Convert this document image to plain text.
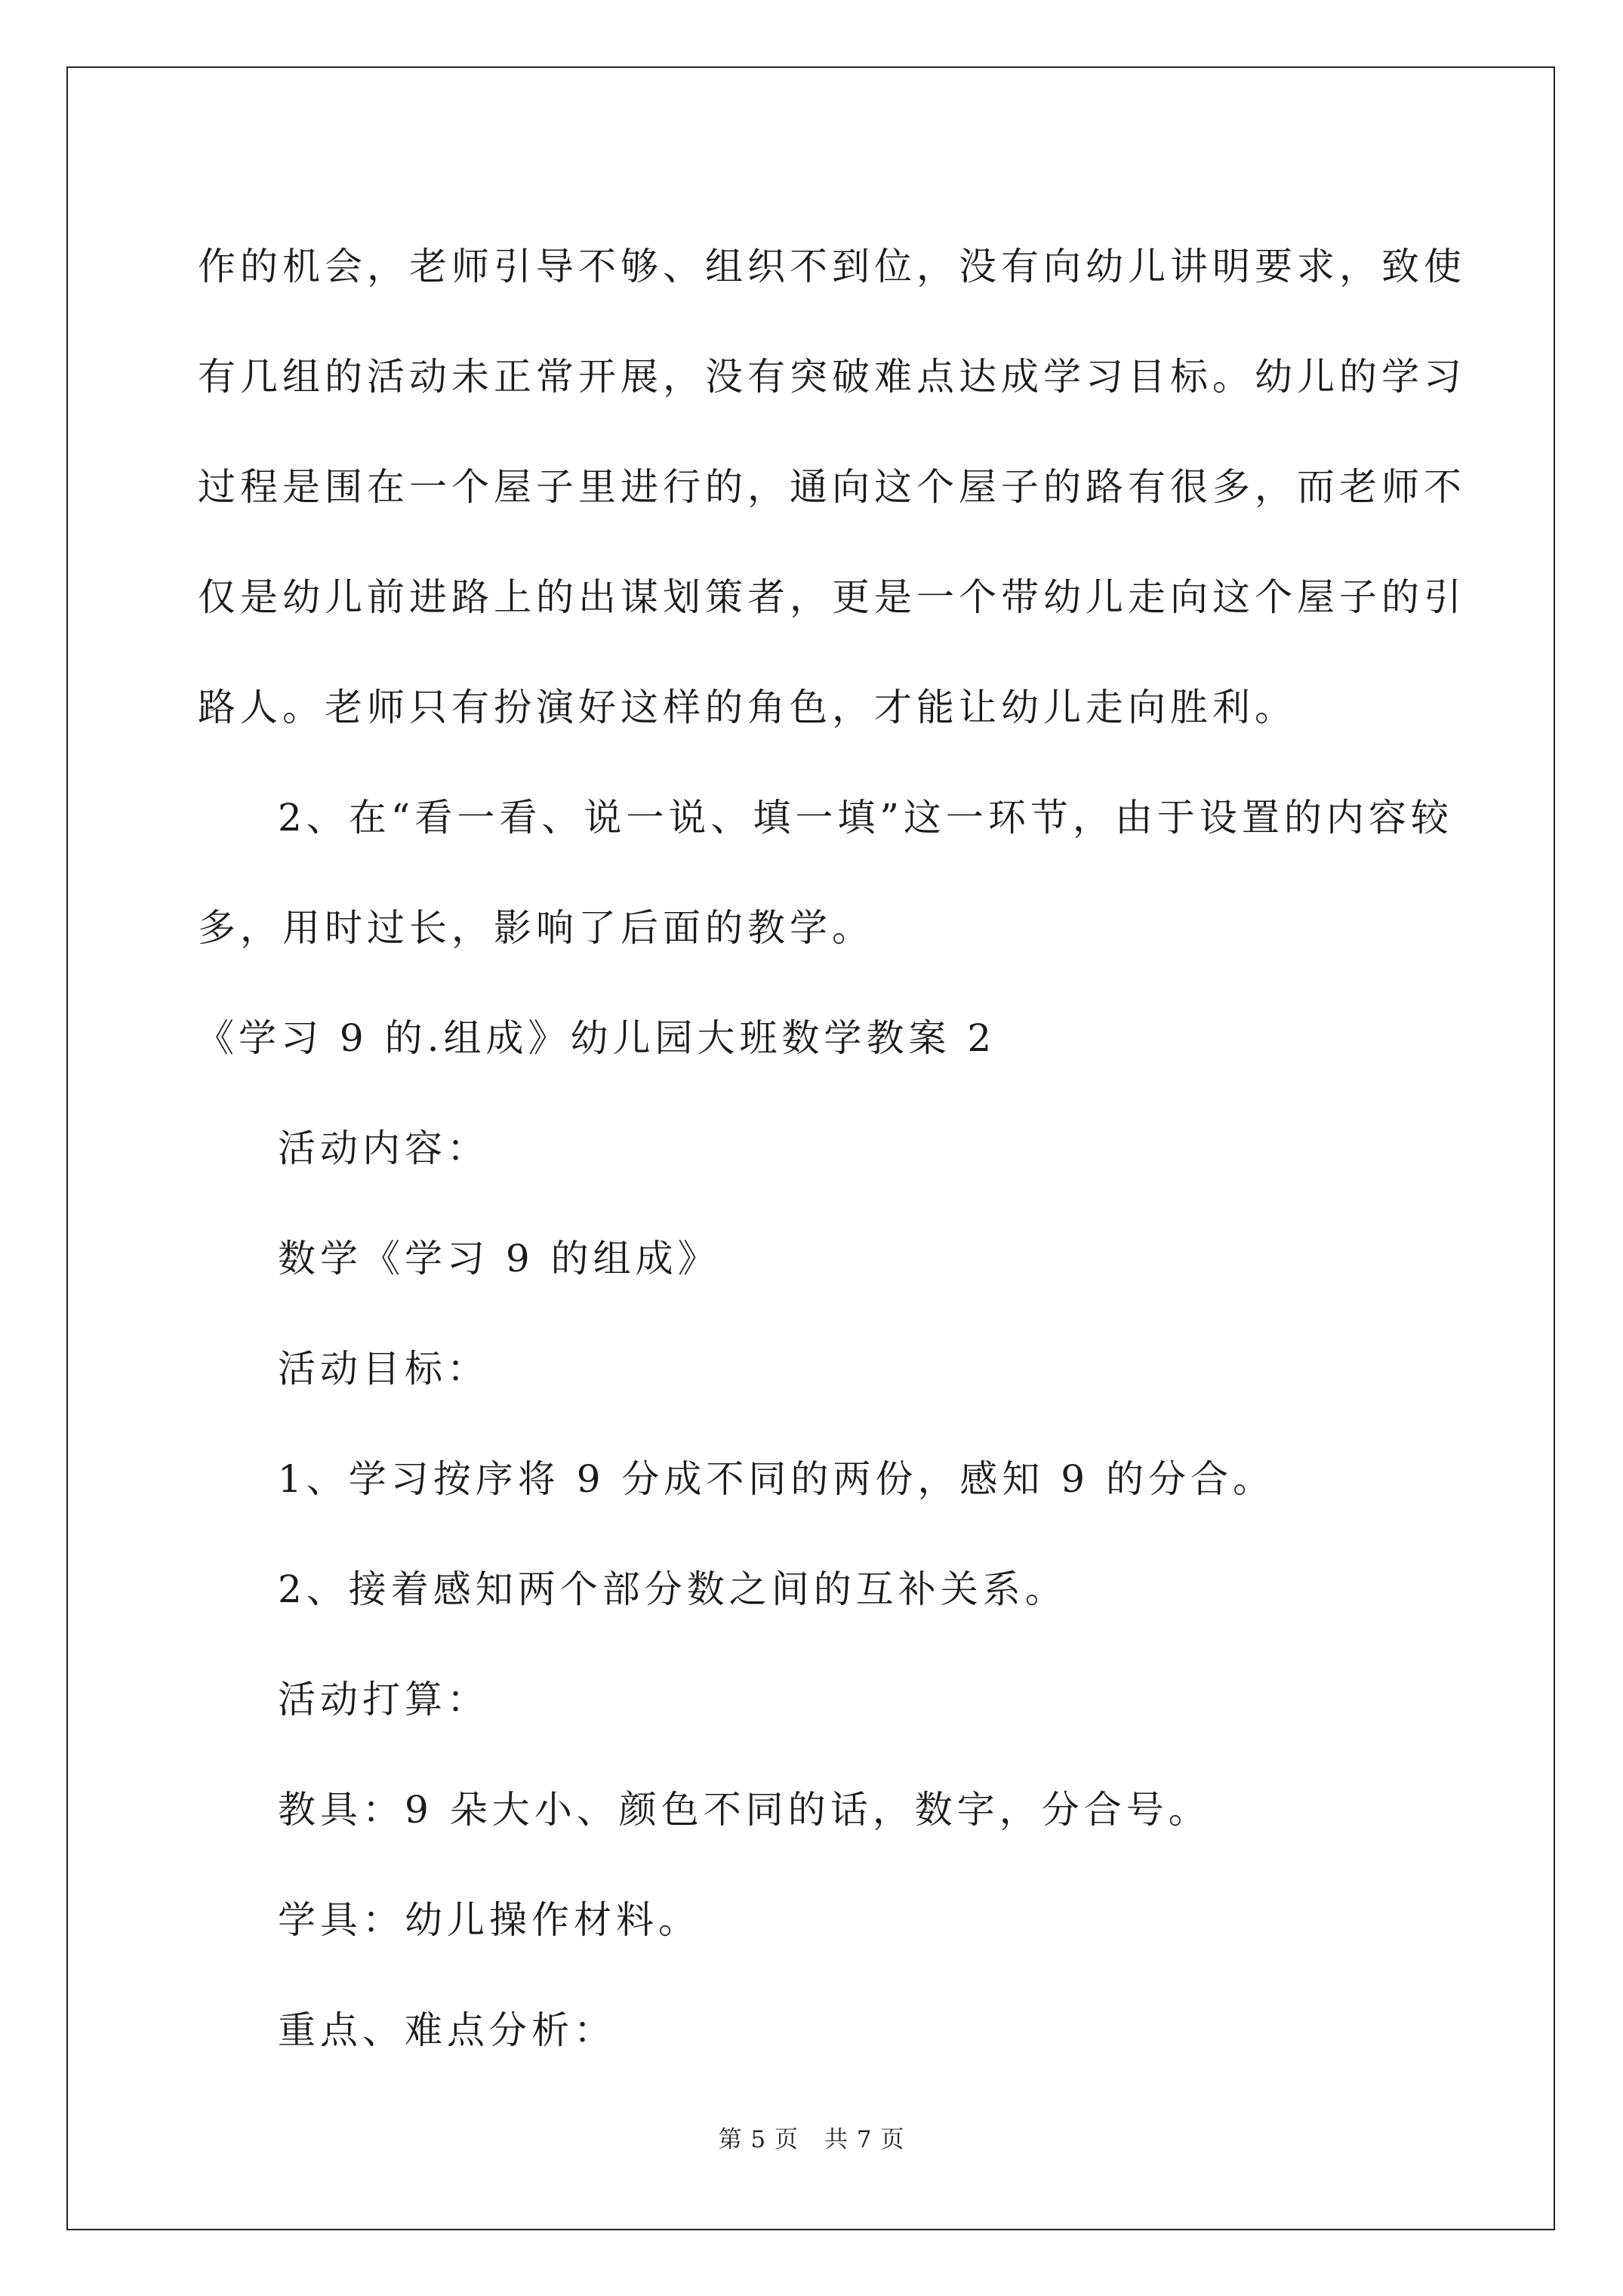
作的机会，老师引导不够、组织不到位，没有向幼儿讲明要求，致使

有几组的活动未正常开展，没有突破难点达成学习目标。幼儿的学习

过程是围在一个屋子里进行的，通向这个屋子的路有很多，而老师不

仅是幼儿前进路上的出谋划策者，更是一个带幼儿走向这个屋子的引

路人。老师只有扮演好这样的角色，才能让幼儿走向胜利。

2、在“看一看、说一说、填一填”这一环节，由于设置的内容较

多，用时过长，影响了后面的教学。

《学习 9 的.组成》幼儿园大班数学教案 2

活动内容：

数学《学习 9 的组成》

活动目标：

1、学习按序将 9 分成不同的两份，感知 9 的分合。

2、接着感知两个部分数之间的互补关系。

活动打算：

教具：9 朵大小、颜色不同的话，数字，分合号。

学具：幼儿操作材料。

重点、难点分析：

第 5 页 共 7 页
